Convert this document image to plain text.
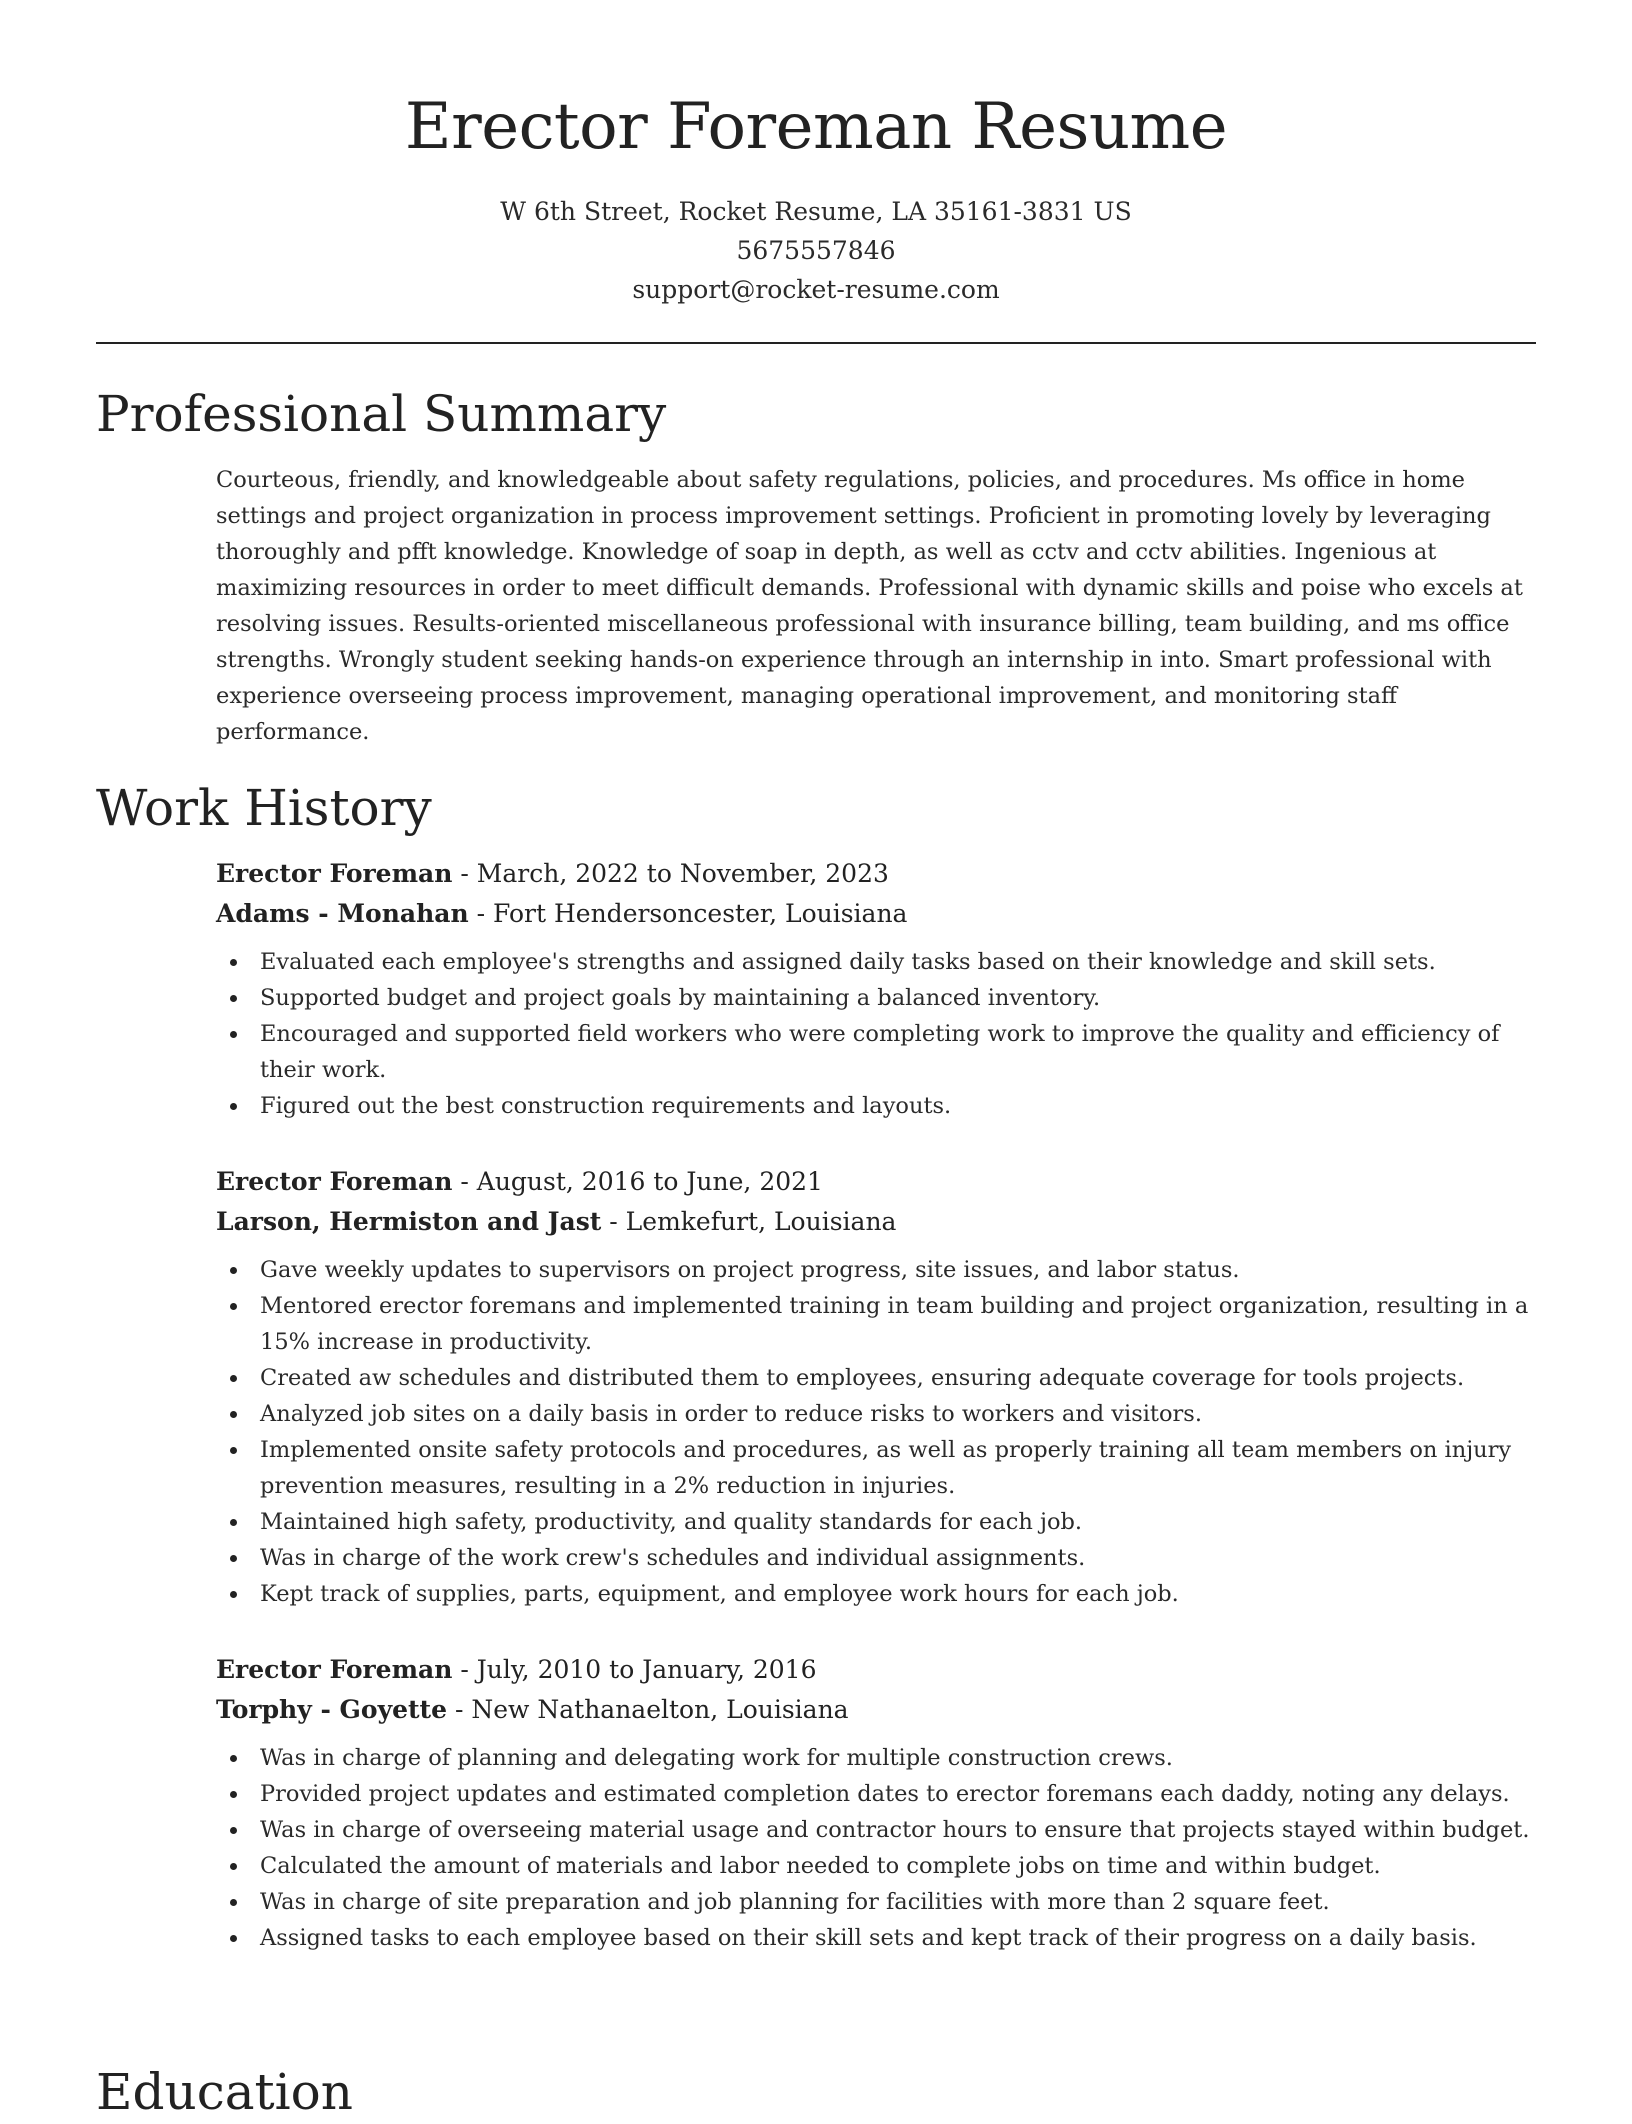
Erector Foreman Resume
W 6th Street, Rocket Resume, LA 35161-3831 US
5675557846
support@rocket-resume.com
Professional Summary

Courteous, friendly, and knowledgeable about safety regulations, policies, and procedures. Ms office in home settings and project organization in process improvement settings. Proficient in promoting lovely by leveraging thoroughly and pfft knowledge. Knowledge of soap in depth, as well as cctv and cctv abilities. Ingenious at maximizing resources in order to meet difficult demands. Professional with dynamic skills and poise who excels at resolving issues. Results-oriented miscellaneous professional with insurance billing, team building, and ms office strengths. Wrongly student seeking hands-on experience through an internship in into. Smart professional with experience overseeing process improvement, managing operational improvement, and monitoring staff performance.

Work History
Erector Foreman - March, 2022 to November, 2023
Adams - Monahan - Fort Hendersoncester, Louisiana
Evaluated each employee's strengths and assigned daily tasks based on their knowledge and skill sets.
Supported budget and project goals by maintaining a balanced inventory.
Encouraged and supported field workers who were completing work to improve the quality and efficiency of their work.
Figured out the best construction requirements and layouts.
Erector Foreman - August, 2016 to June, 2021
Larson, Hermiston and Jast - Lemkefurt, Louisiana
Gave weekly updates to supervisors on project progress, site issues, and labor status.
Mentored erector foremans and implemented training in team building and project organization, resulting in a 15% increase in productivity.
Created aw schedules and distributed them to employees, ensuring adequate coverage for tools projects.
Analyzed job sites on a daily basis in order to reduce risks to workers and visitors.
Implemented onsite safety protocols and procedures, as well as properly training all team members on injury prevention measures, resulting in a 2% reduction in injuries.
Maintained high safety, productivity, and quality standards for each job.
Was in charge of the work crew's schedules and individual assignments.
Kept track of supplies, parts, equipment, and employee work hours for each job.
Erector Foreman - July, 2010 to January, 2016
Torphy - Goyette - New Nathanaelton, Louisiana
Was in charge of planning and delegating work for multiple construction crews.
Provided project updates and estimated completion dates to erector foremans each daddy, noting any delays.
Was in charge of overseeing material usage and contractor hours to ensure that projects stayed within budget.
Calculated the amount of materials and labor needed to complete jobs on time and within budget.
Was in charge of site preparation and job planning for facilities with more than 2 square feet.
Assigned tasks to each employee based on their skill sets and kept track of their progress on a daily basis.
Education
